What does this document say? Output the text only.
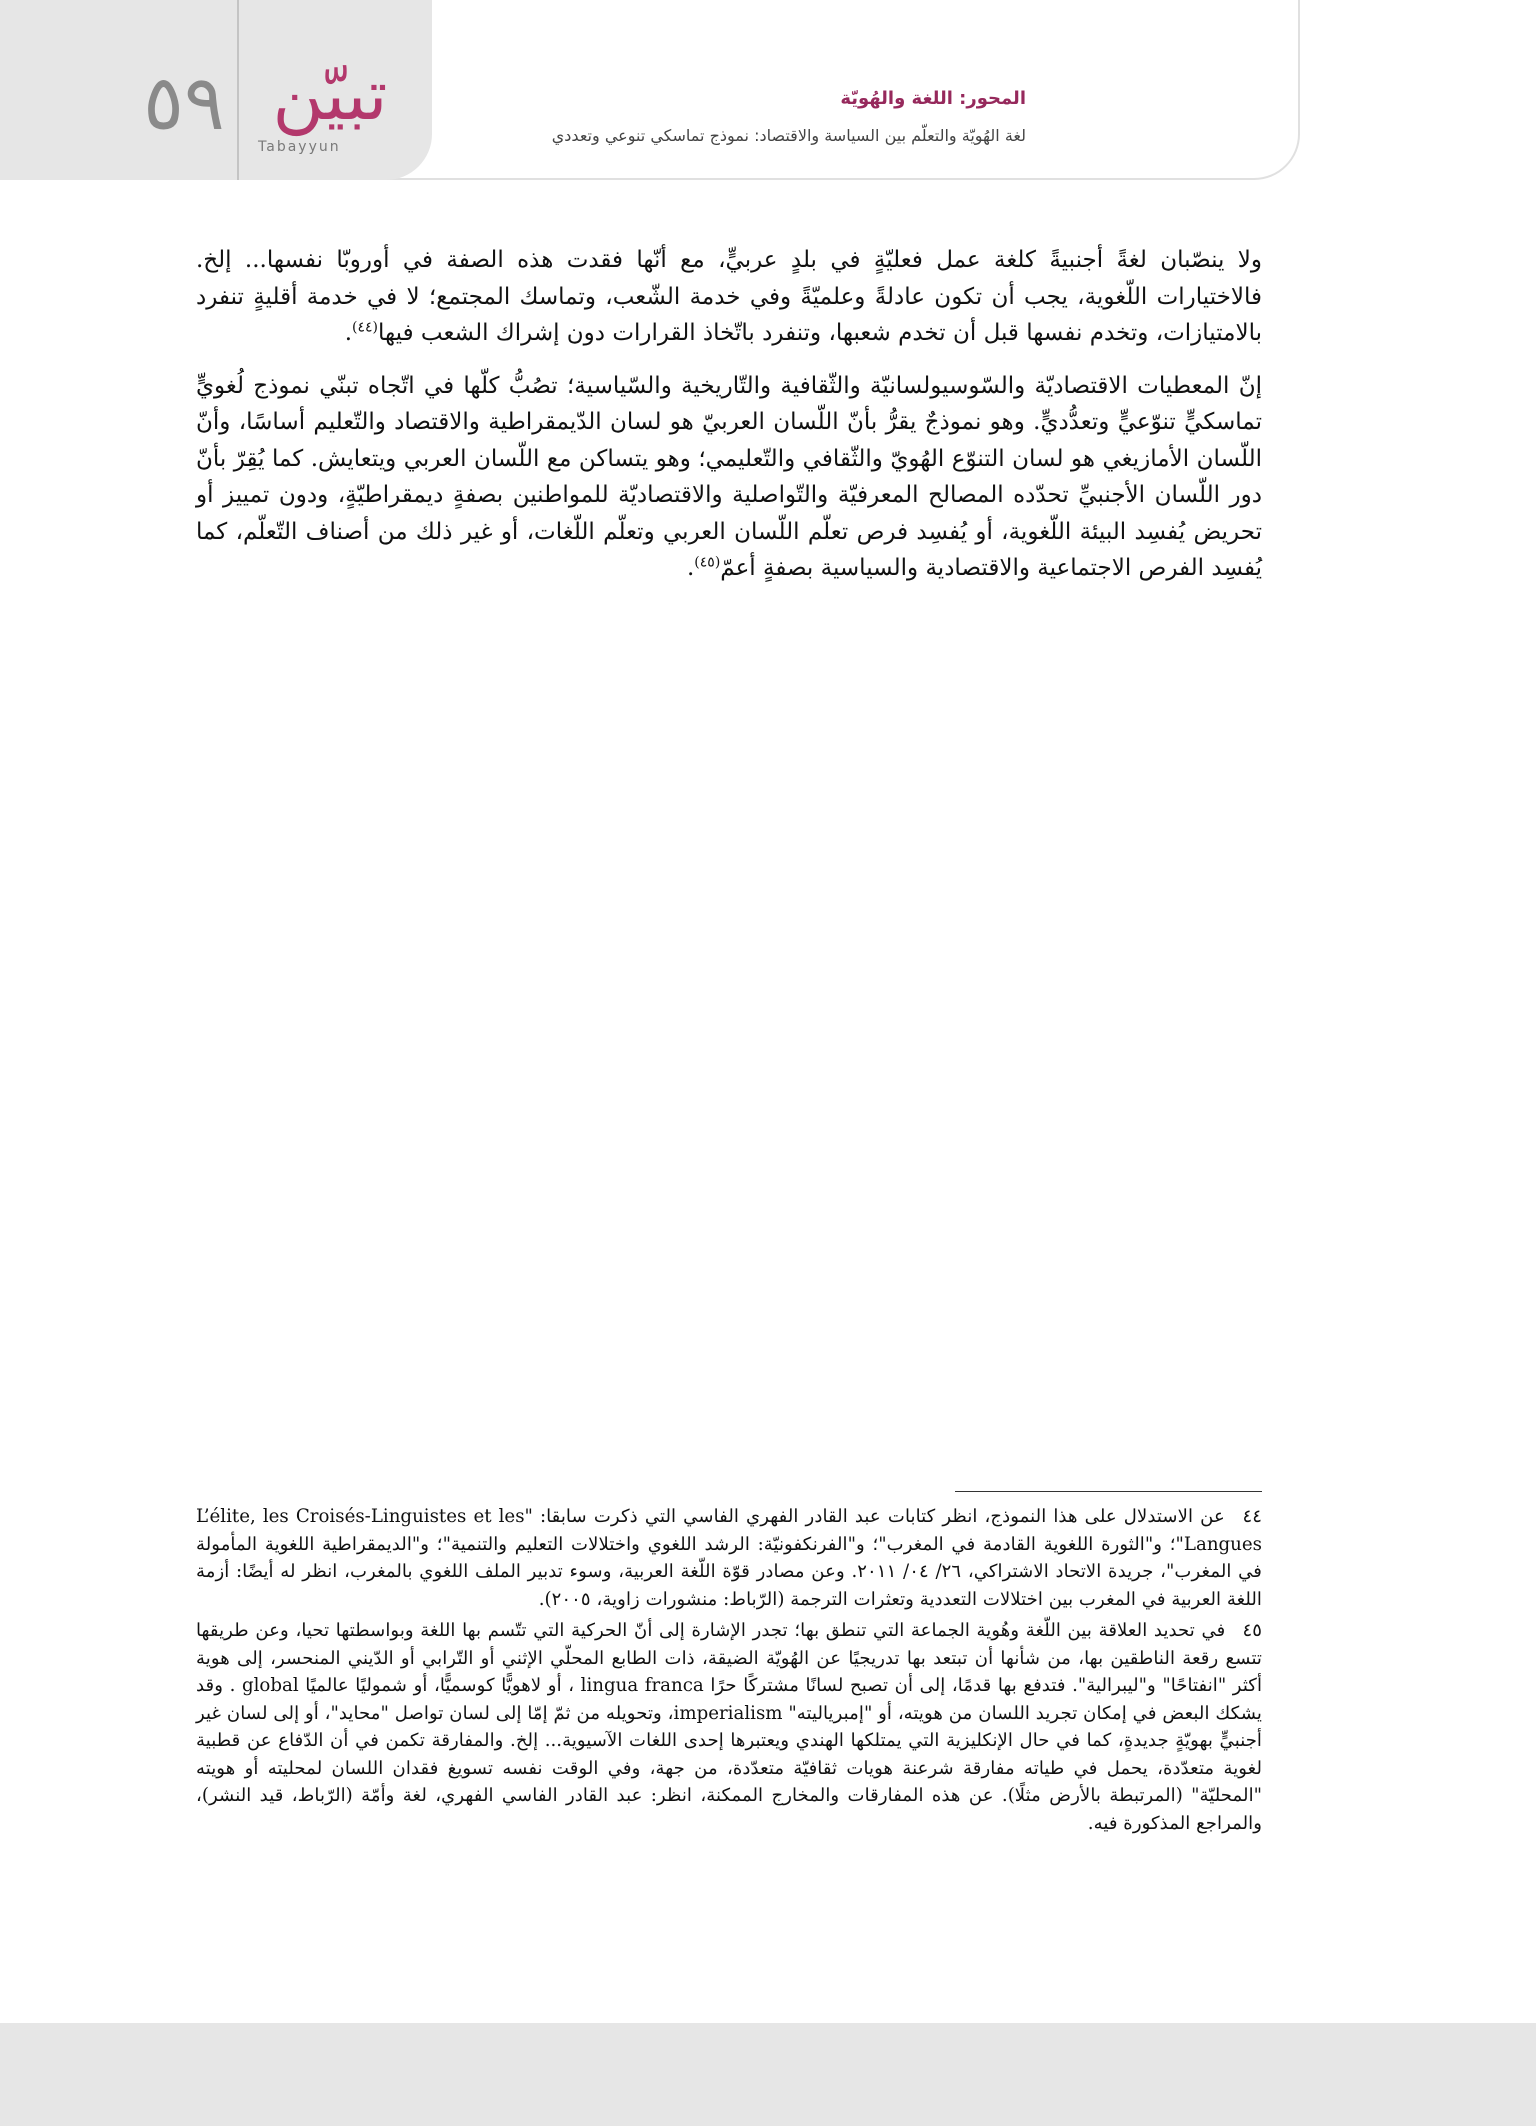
٥٩ تبيّن
Tabayyun
المحور: اللغة والهُويّة
لغة الهُويّة والتعلّم بين السياسة والاقتصاد: نموذج تماسكي تنوعي وتعددي

ولا ينصّبان لغةً أجنبيةً كلغة عمل فعليّةٍ في بلدٍ عربيٍّ، مع أنّها فقدت هذه الصفة في أوروبّا نفسها... إلخ. فالاختيارات اللّغوية، يجب أن تكون عادلةً وعلميّةً وفي خدمة الشّعب، وتماسك المجتمع؛ لا في خدمة أقليةٍ تنفرد بالامتيازات، وتخدم نفسها قبل أن تخدم شعبها، وتنفرد باتّخاذ القرارات دون إشراك الشعب فيها$^{(٤٤)}$.

إنّ المعطيات الاقتصاديّة والسّوسيولسانيّة والثّقافية والتّاريخية والسّياسية؛ تصُبُّ كلّها في اتّجاه تبنّي نموذج لُغويٍّ تماسكيٍّ تنوّعيٍّ وتعدُّديٍّ. وهو نموذجٌ يقرُّ بأنّ اللّسان العربيّ هو لسان الدّيمقراطية والاقتصاد والتّعليم أساسًا، وأنّ اللّسان الأمازيغي هو لسان التنوّع الهُويّ والثّقافي والتّعليمي؛ وهو يتساكن مع اللّسان العربي ويتعايش. كما يُقِرّ بأنّ دور اللّسان الأجنبيِّ تحدّده المصالح المعرفيّة والتّواصلية والاقتصاديّة للمواطنين بصفةٍ ديمقراطيّةٍ، ودون تمييز أو تحريض يُفسِد البيئة اللّغوية، أو يُفسِد فرص تعلّم اللّسان العربي وتعلّم اللّغات، أو غير ذلك من أصناف التّعلّم، كما يُفسِد الفرص الاجتماعية والاقتصادية والسياسية بصفةٍ أعمّ$^{(٤٥)}$.

٤٤ عن الاستدلال على هذا النموذج، انظر كتابات عبد القادر الفهري الفاسي التي ذكرت سابقا: "L’élite, les Croisés-Linguistes et les Langues"؛ و"الثورة اللغوية القادمة في المغرب"؛ و"الفرنكفونيّة: الرشد اللغوي واختلالات التعليم والتنمية"؛ و"الديمقراطية اللغوية المأمولة في المغرب"، جريدة الاتحاد الاشتراكي، ٢٦/ ٠٤/ ٢٠١١. وعن مصادر قوّة اللّغة العربية، وسوء تدبير الملف اللغوي بالمغرب، انظر له أيضًا: أزمة اللغة العربية في المغرب بين اختلالات التعددية وتعثرات الترجمة (الرّباط: منشورات زاوية، ٢٠٠٥).

٤٥ في تحديد العلاقة بين اللّغة وهُوية الجماعة التي تنطق بها؛ تجدر الإشارة إلى أنّ الحركية التي تتّسم بها اللغة وبواسطتها تحيا، وعن طريقها تتسع رقعة الناطقين بها، من شأنها أن تبتعد بها تدريجيًا عن الهُويّة الضيقة، ذات الطابع المحلّي الإثني أو التّرابي أو الدّيني المنحسر، إلى هوية أكثر "انفتاحًا" و"ليبرالية". فتدفع بها قدمًا، إلى أن تصبح لسانًا مشتركًا حرًا lingua franca ، أو لاهويًّا كوسميًّا، أو شموليًا عالميًا global . وقد يشكك البعض في إمكان تجريد اللسان من هويته، أو "إمبرياليته" imperialism، وتحويله من ثمّ إمّا إلى لسان تواصل "محايد"، أو إلى لسان غير أجنبيٍّ بهويّةٍ جديدةٍ، كما في حال الإنكليزية التي يمتلكها الهندي ويعتبرها إحدى اللغات الآسيوية... إلخ. والمفارقة تكمن في أن الدّفاع عن قطبية لغوية متعدّدة، يحمل في طياته مفارقة شرعنة هويات ثقافيّة متعدّدة، من جهة، وفي الوقت نفسه تسويغ فقدان اللسان لمحليته أو هويته "المحليّة" (المرتبطة بالأرض مثلًا). عن هذه المفارقات والمخارج الممكنة، انظر: عبد القادر الفاسي الفهري، لغة وأمّة (الرّباط، قيد النشر)، والمراجع المذكورة فيه.
